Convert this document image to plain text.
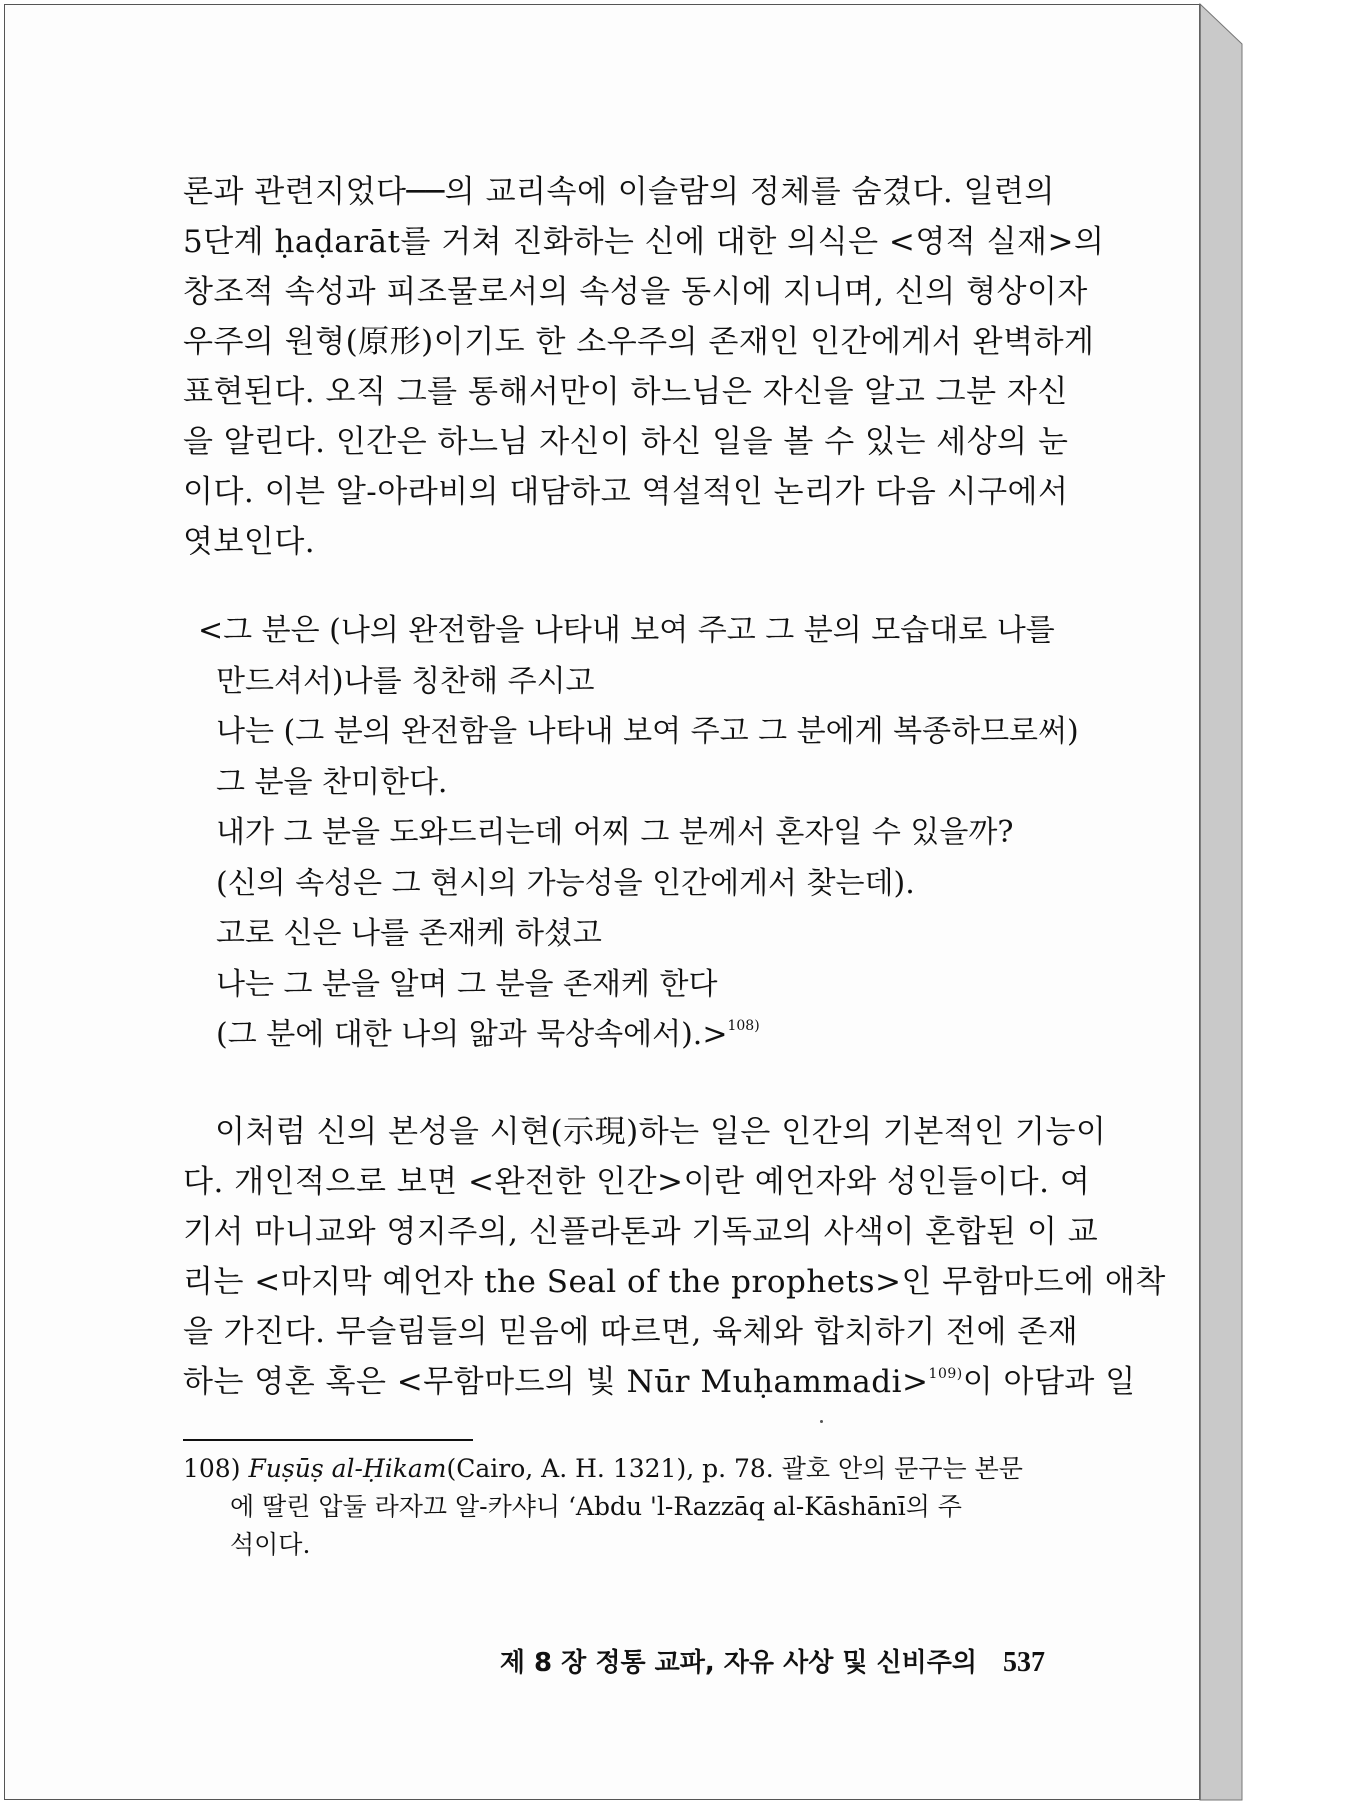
론과 관련지었다──의 교리속에 이슬람의 정체를 숨겼다. 일련의

5단계 ḥaḍarāt를 거쳐 진화하는 신에 대한 의식은 <영적 실재>의

창조적 속성과 피조물로서의 속성을 동시에 지니며, 신의 형상이자

우주의 원형(原形)이기도 한 소우주의 존재인 인간에게서 완벽하게

표현된다. 오직 그를 통해서만이 하느님은 자신을 알고 그분 자신

을 알린다. 인간은 하느님 자신이 하신 일을 볼 수 있는 세상의 눈

이다. 이븐 알-아라비의 대담하고 역설적인 논리가 다음 시구에서

엿보인다.

<그 분은 (나의 완전함을 나타내 보여 주고 그 분의 모습대로 나를
만드셔서)나를 칭찬해 주시고
나는 (그 분의 완전함을 나타내 보여 주고 그 분에게 복종하므로써)
그 분을 찬미한다.
내가 그 분을 도와드리는데 어찌 그 분께서 혼자일 수 있을까?
(신의 속성은 그 현시의 가능성을 인간에게서 찾는데).
고로 신은 나를 존재케 하셨고
나는 그 분을 알며 그 분을 존재케 한다
(그 분에 대한 나의 앎과 묵상속에서).>$^{108)}$

이처럼 신의 본성을 시현(示現)하는 일은 인간의 기본적인 기능이

다. 개인적으로 보면 <완전한 인간>이란 예언자와 성인들이다. 여

기서 마니교와 영지주의, 신플라톤과 기독교의 사색이 혼합된 이 교

리는 <마지막 예언자 the Seal of the prophets>인 무함마드에 애착

을 가진다. 무슬림들의 믿음에 따르면, 육체와 합치하기 전에 존재

하는 영혼 혹은 <무함마드의 빛 Nūr Muḥammadi>$^{109)}$이 아담과 일

108) Fuṣūṣ al-Ḥikam(Cairo, A. H. 1321), p. 78. 괄호 안의 문구는 본문
에 딸린 압둘 라자끄 알-카샤니 ‘Abdu 'l-Razzāq al-Kāshānī의 주
석이다.
제 8 장 정통 교파, 자유 사상 및 신비주의 537
